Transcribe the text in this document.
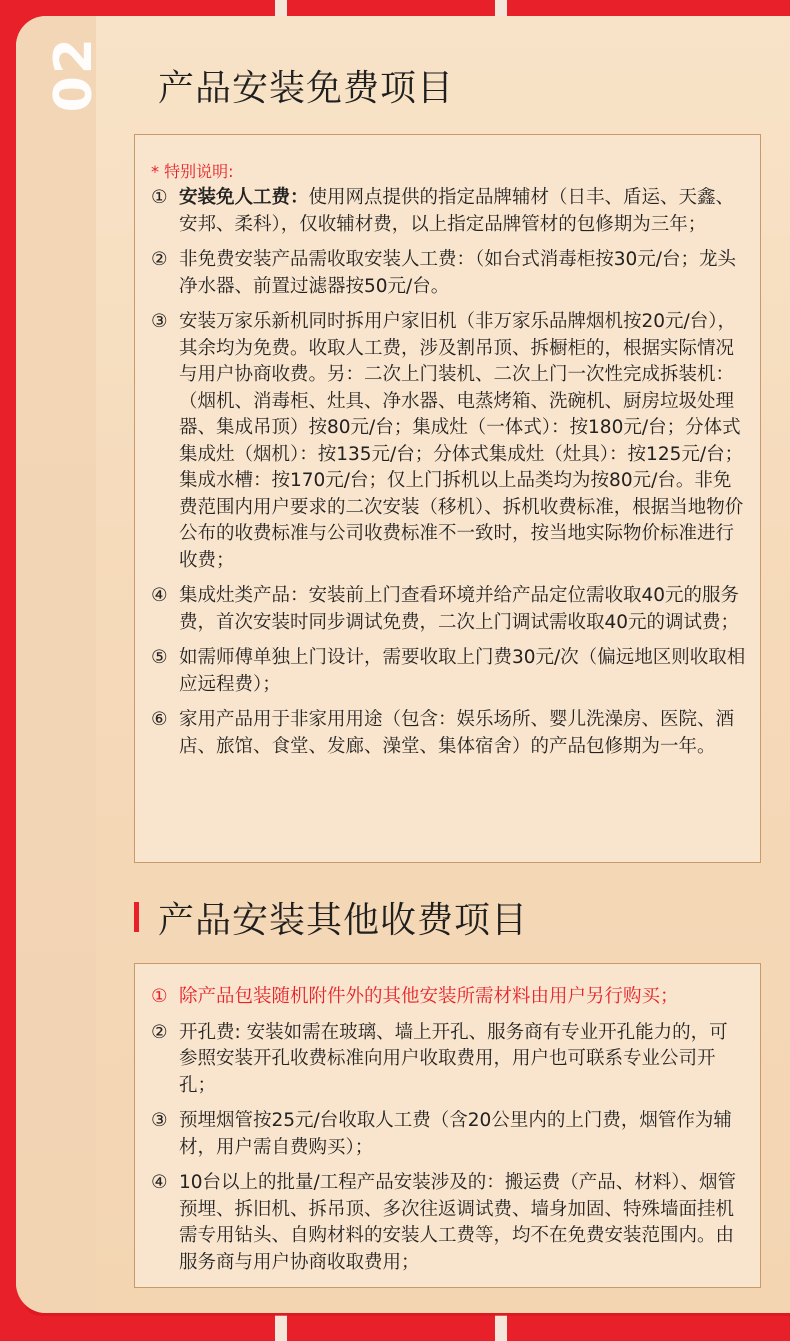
02 产品安装免费项目
* 特别说明:
① 安装免人工费：使用网点提供的指定品牌辅材（日丰、盾运、天鑫、安邦、柔科），仅收辅材费，以上指定品牌管材的包修期为三年；
② 非免费安装产品需收取安装人工费：（如台式消毒柜按30元/台；龙头净水器、前置过滤器按50元/台。
③ 安装万家乐新机同时拆用户家旧机（非万家乐品牌烟机按20元/台），其余均为免费。收取人工费，涉及割吊顶、拆橱柜的，根据实际情况与用户协商收费。另：二次上门装机、二次上门一次性完成拆装机：（烟机、消毒柜、灶具、净水器、电蒸烤箱、洗碗机、厨房垃圾处理器、集成吊顶）按80元/台；集成灶（一体式）：按180元/台；分体式集成灶（烟机）：按135元/台；分体式集成灶（灶具）：按125元/台；集成水槽：按170元/台；仅上门拆机以上品类均为按80元/台。非免费范围内用户要求的二次安装（移机）、拆机收费标准，根据当地物价公布的收费标准与公司收费标准不一致时，按当地实际物价标准进行收费；
④ 集成灶类产品：安装前上门查看环境并给产品定位需收取40元的服务费，首次安装时同步调试免费，二次上门调试需收取40元的调试费；
⑤ 如需师傅单独上门设计，需要收取上门费30元/次（偏远地区则收取相应远程费）；
⑥ 家用产品用于非家用用途（包含：娱乐场所、婴儿洗澡房、医院、酒店、旅馆、食堂、发廊、澡堂、集体宿舍）的产品包修期为一年。
产品安装其他收费项目
① 除产品包装随机附件外的其他安装所需材料由用户另行购买；
② 开孔费: 安装如需在玻璃、墙上开孔、服务商有专业开孔能力的，可参照安装开孔收费标准向用户收取费用，用户也可联系专业公司开孔；
③ 预埋烟管按25元/台收取人工费（含20公里内的上门费，烟管作为辅材，用户需自费购买）；
④ 10台以上的批量/工程产品安装涉及的：搬运费（产品、材料）、烟管预埋、拆旧机、拆吊顶、多次往返调试费、墙身加固、特殊墙面挂机需专用钻头、自购材料的安装人工费等，均不在免费安装范围内。由服务商与用户协商收取费用；
